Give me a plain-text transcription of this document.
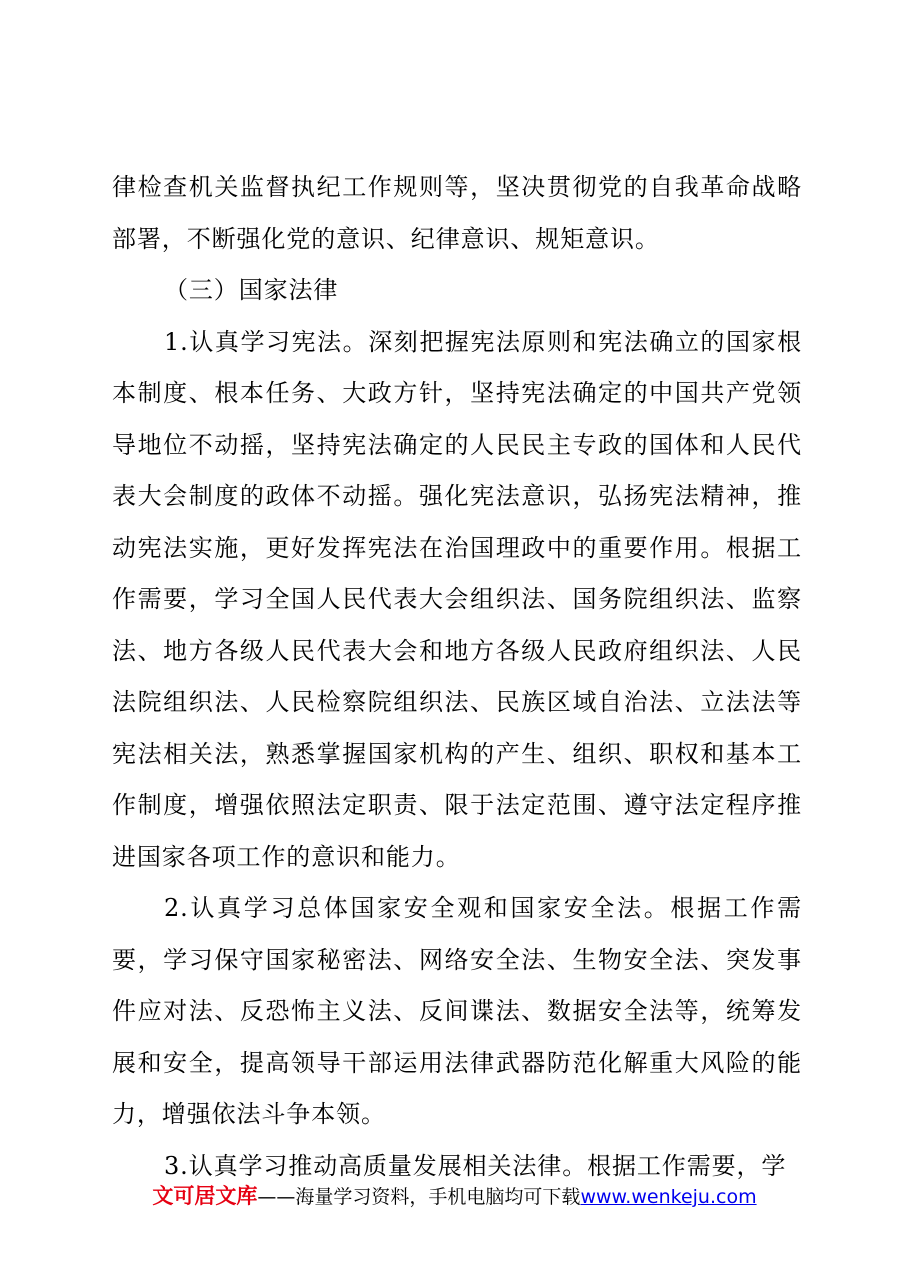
律检查机关监督执纪工作规则等，坚决贯彻党的自我革命战略部署，不断强化党的意识、纪律意识、规矩意识。

（三）国家法律

1.认真学习宪法。深刻把握宪法原则和宪法确立的国家根本制度、根本任务、大政方针，坚持宪法确定的中国共产党领导地位不动摇，坚持宪法确定的人民民主专政的国体和人民代表大会制度的政体不动摇。强化宪法意识，弘扬宪法精神，推动宪法实施，更好发挥宪法在治国理政中的重要作用。根据工作需要，学习全国人民代表大会组织法、国务院组织法、监察法、地方各级人民代表大会和地方各级人民政府组织法、人民法院组织法、人民检察院组织法、民族区域自治法、立法法等宪法相关法，熟悉掌握国家机构的产生、组织、职权和基本工作制度，增强依照法定职责、限于法定范围、遵守法定程序推进国家各项工作的意识和能力。

2.认真学习总体国家安全观和国家安全法。根据工作需要，学习保守国家秘密法、网络安全法、生物安全法、突发事件应对法、反恐怖主义法、反间谍法、数据安全法等，统筹发展和安全，提高领导干部运用法律武器防范化解重大风险的能力，增强依法斗争本领。

3.认真学习推动高质量发展相关法律。根据工作需要，学

文可居文库——海量学习资料，手机电脑均可下载www.wenkeju.com
